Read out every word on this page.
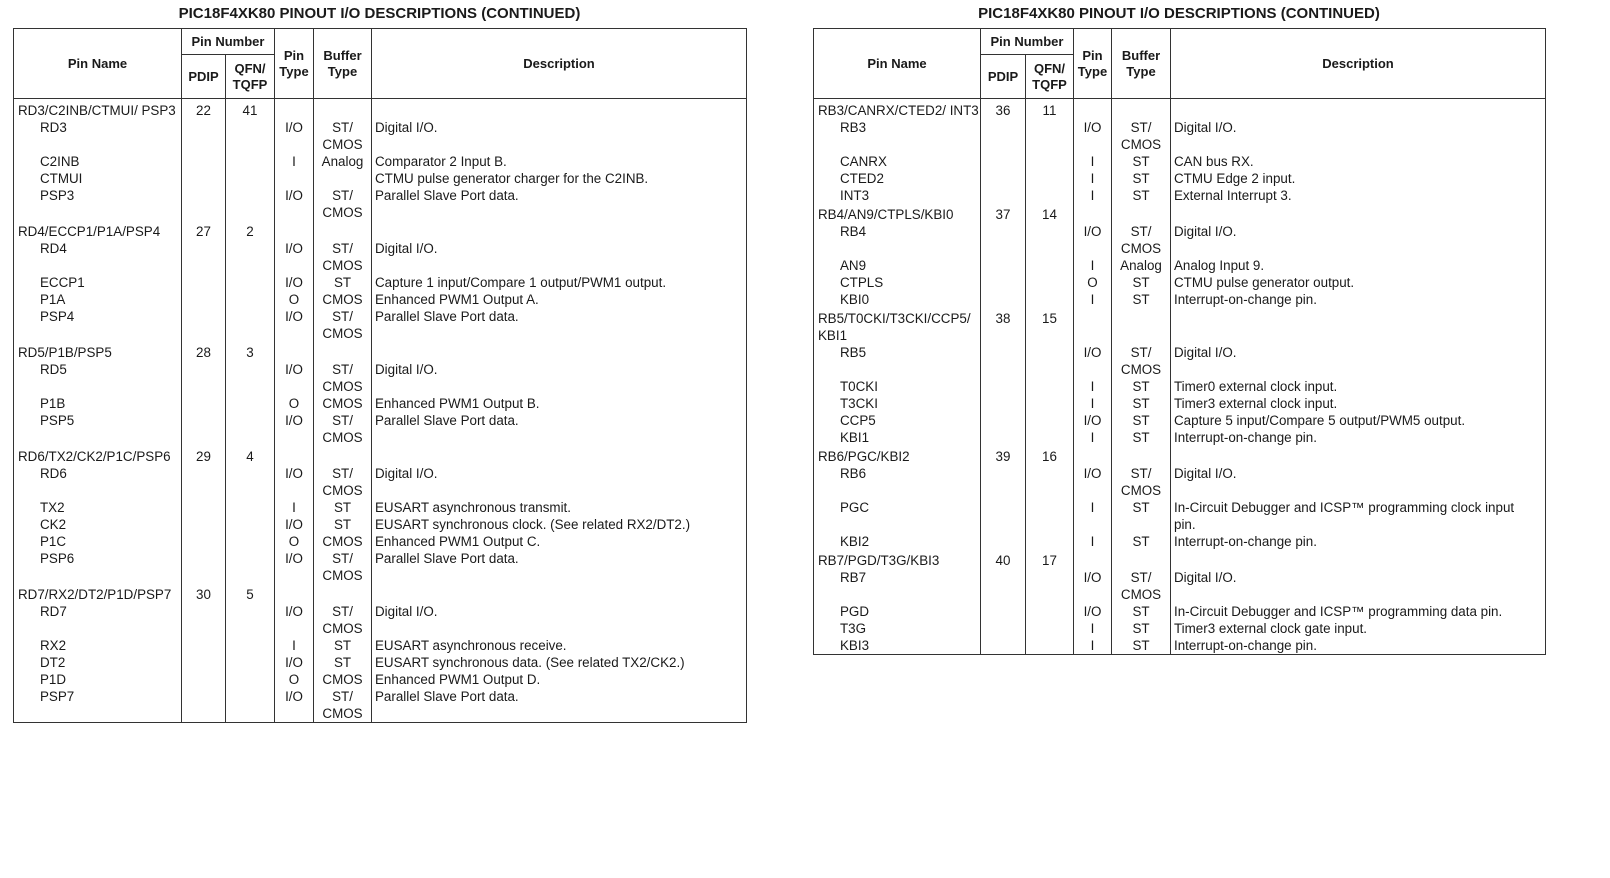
PIC18F4XK80 PINOUT I/O DESCRIPTIONS (CONTINUED)
Pin Name	Pin Number		Pin Type	Buffer Type	Description
	PDIP	QFN/ TQFP			
RD3/C2INB/CTMUI/ PSP3	22	41			
RD3			I/O	ST/ CMOS	Digital I/O.
C2INB			I	Analog	Comparator 2 Input B.
CTMUI					CTMU pulse generator charger for the C2INB.
PSP3			I/O	ST/ CMOS	Parallel Slave Port data.
RD4/ECCP1/P1A/PSP4	27	2			
RD4			I/O	ST/ CMOS	Digital I/O.
ECCP1			I/O	ST	Capture 1 input/Compare 1 output/PWM1 output.
P1A			O	CMOS	Enhanced PWM1 Output A.
PSP4			I/O	ST/ CMOS	Parallel Slave Port data.
RD5/P1B/PSP5	28	3			
RD5			I/O	ST/ CMOS	Digital I/O.
P1B			O	CMOS	Enhanced PWM1 Output B.
PSP5			I/O	ST/ CMOS	Parallel Slave Port data.
RD6/TX2/CK2/P1C/PSP6	29	4			
RD6			I/O	ST/ CMOS	Digital I/O.
TX2			I	ST	EUSART asynchronous transmit.
CK2			I/O	ST	EUSART synchronous clock. (See related RX2/DT2.)
P1C			O	CMOS	Enhanced PWM1 Output C.
PSP6			I/O	ST/ CMOS	Parallel Slave Port data.
RD7/RX2/DT2/P1D/PSP7	30	5			
RD7			I/O	ST/ CMOS	Digital I/O.
RX2			I	ST	EUSART asynchronous receive.
DT2			I/O	ST	EUSART synchronous data. (See related TX2/CK2.)
P1D			O	CMOS	Enhanced PWM1 Output D.
PSP7			I/O	ST/ CMOS	Parallel Slave Port data.
PIC18F4XK80 PINOUT I/O DESCRIPTIONS (CONTINUED)
Pin Name	Pin Number		Pin Type	Buffer Type	Description
	PDIP	QFN/ TQFP			
RB3/CANRX/CTED2/ INT3	36	11			
RB3			I/O	ST/ CMOS	Digital I/O.
CANRX			I	ST	CAN bus RX.
CTED2			I	ST	CTMU Edge 2 input.
INT3			I	ST	External Interrupt 3.
RB4/AN9/CTPLS/KBI0	37	14			
RB4			I/O	ST/ CMOS	Digital I/O.
AN9			I	Analog	Analog Input 9.
CTPLS			O	ST	CTMU pulse generator output.
KBI0			I	ST	Interrupt-on-change pin.
RB5/T0CKI/T3CKI/CCP5/ KBI1	38	15			
RB5			I/O	ST/ CMOS	Digital I/O.
T0CKI			I	ST	Timer0 external clock input.
T3CKI			I	ST	Timer3 external clock input.
CCP5			I/O	ST	Capture 5 input/Compare 5 output/PWM5 output.
KBI1			I	ST	Interrupt-on-change pin.
RB6/PGC/KBI2	39	16			
RB6			I/O	ST/ CMOS	Digital I/O.
PGC			I	ST	In-Circuit Debugger and ICSP™ programming clock input pin.
KBI2			I	ST	Interrupt-on-change pin.
RB7/PGD/T3G/KBI3	40	17			
RB7			I/O	ST/ CMOS	Digital I/O.
PGD			I/O	ST	In-Circuit Debugger and ICSP™ programming data pin.
T3G			I	ST	Timer3 external clock gate input.
KBI3			I	ST	Interrupt-on-change pin.
